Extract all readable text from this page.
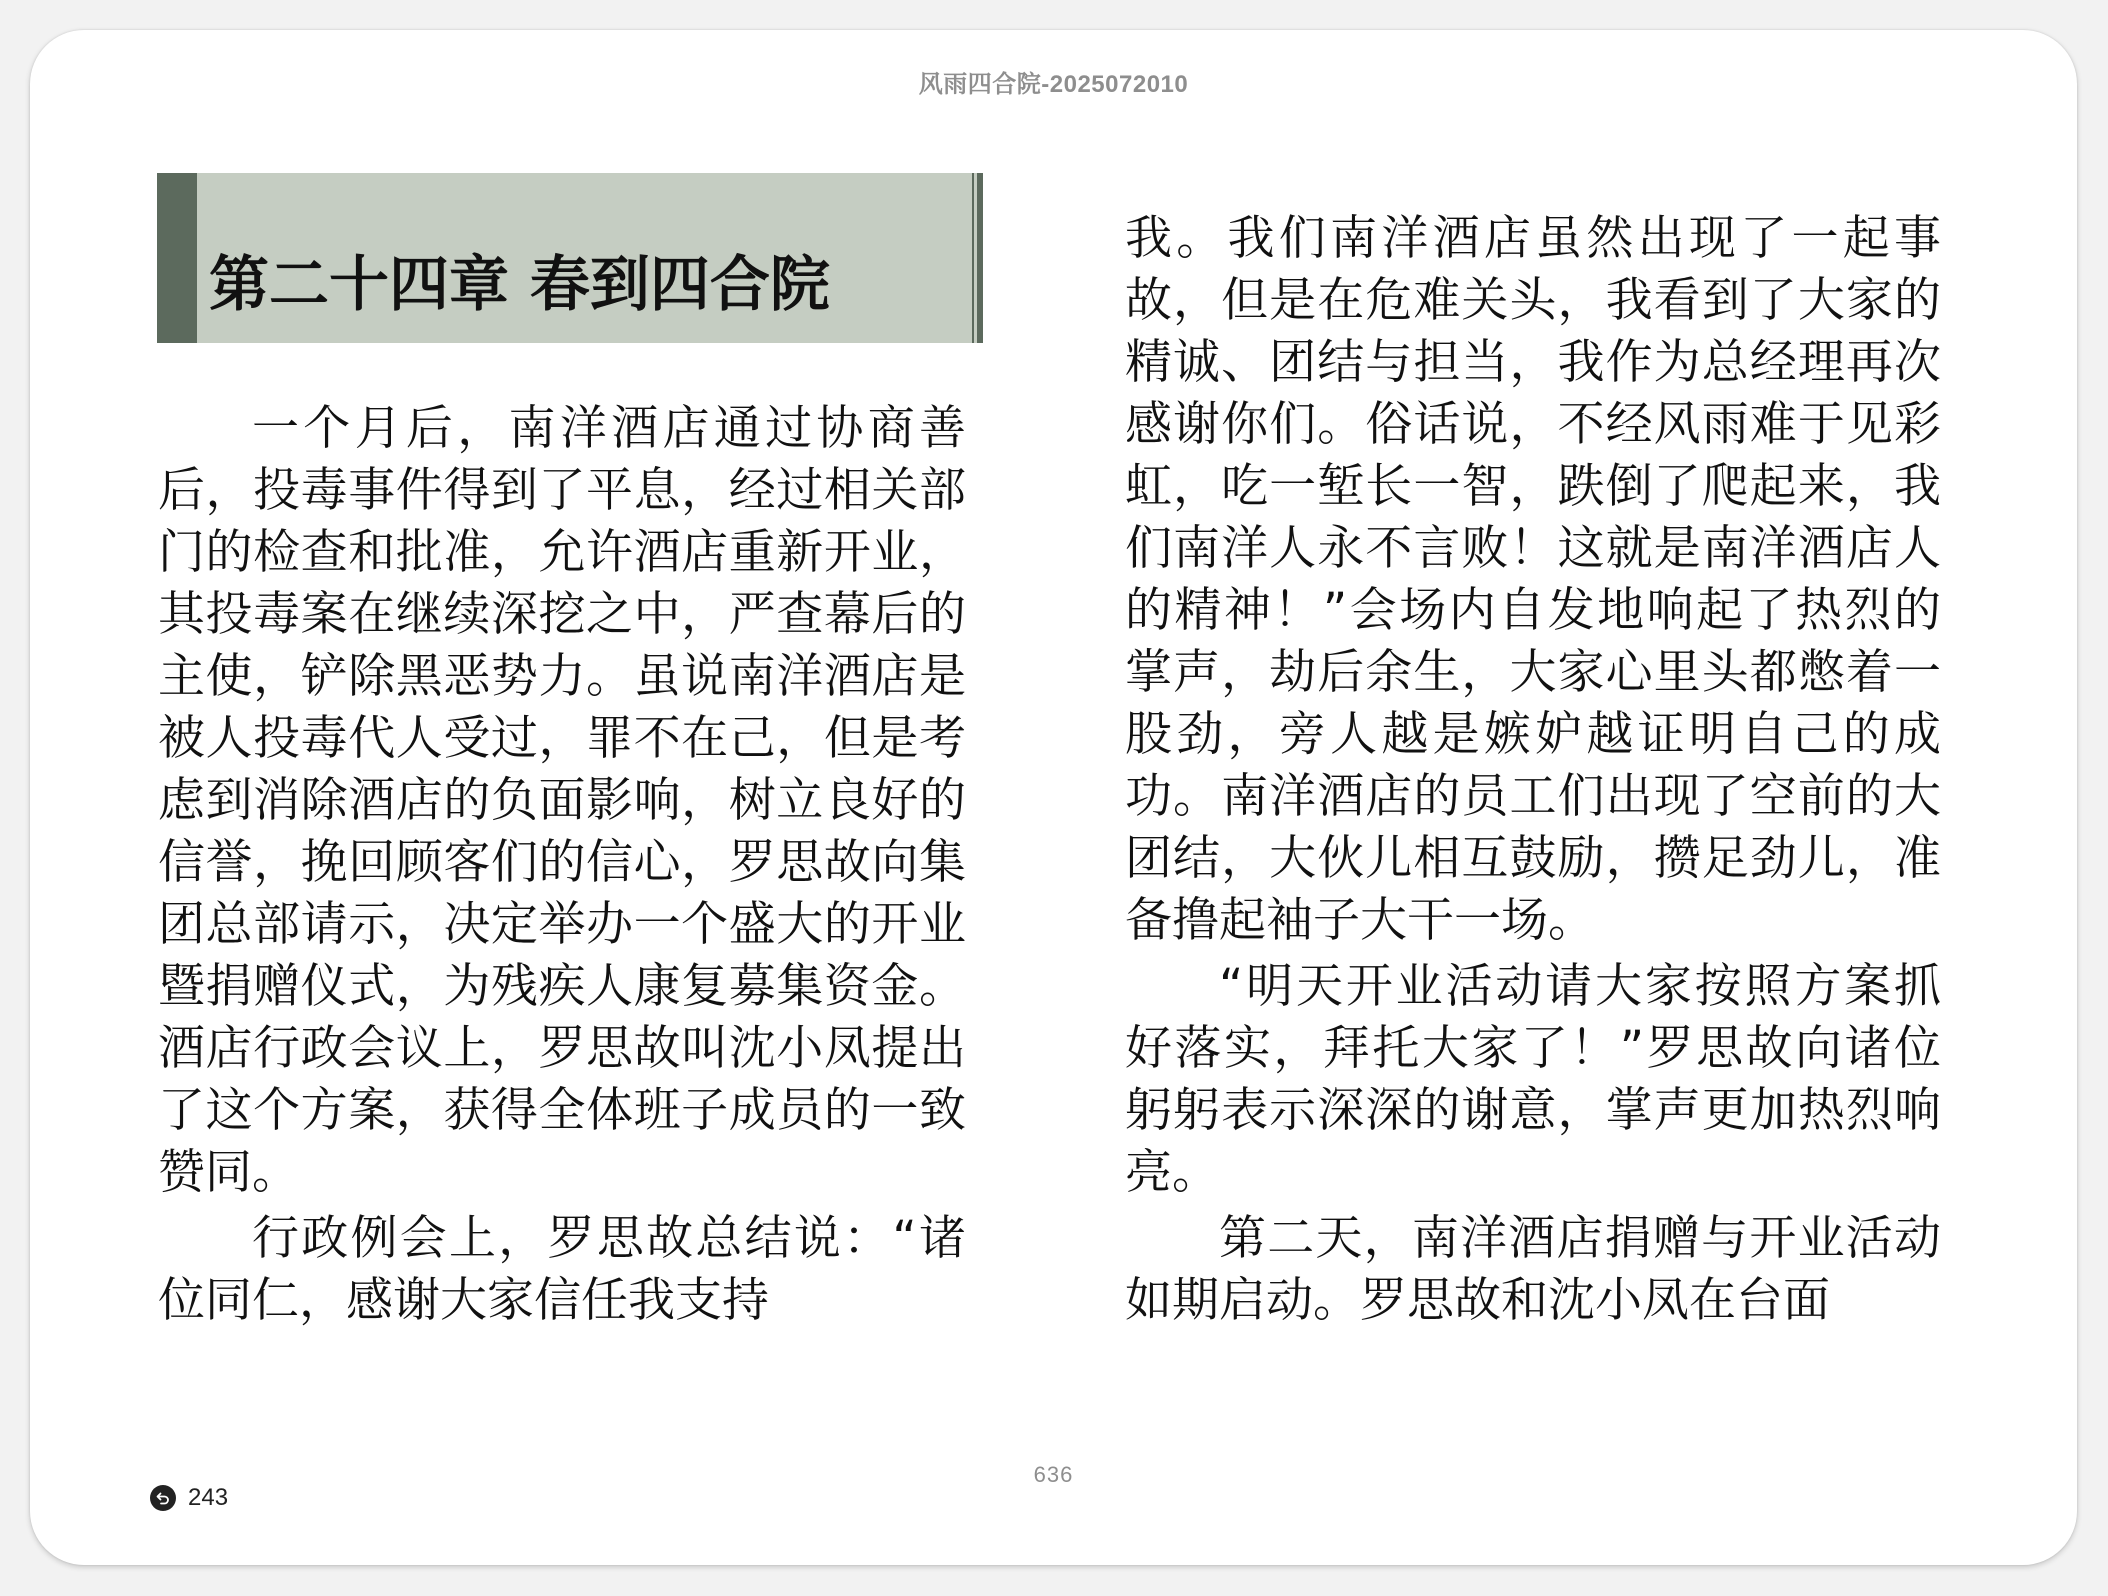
风雨四合院-2025072010
第二十四章 春到四合院

一个月后，南洋酒店通过协商善后，投毒事件得到了平息，经过相关部门的检查和批准，允许酒店重新开业，其投毒案在继续深挖之中，严查幕后的主使，铲除黑恶势力。虽说南洋酒店是被人投毒代人受过，罪不在己，但是考虑到消除酒店的负面影响，树立良好的信誉，挽回顾客们的信心，罗思故向集团总部请示，决定举办一个盛大的开业暨捐赠仪式，为残疾人康复募集资金。酒店行政会议上，罗思故叫沈小凤提出了这个方案，获得全体班子成员的一致赞同。

行政例会上，罗思故总结说：“诸位同仁，感谢大家信任我支持

我。我们南洋酒店虽然出现了一起事故，但是在危难关头，我看到了大家的精诚、团结与担当，我作为总经理再次感谢你们。俗话说，不经风雨难于见彩虹，吃一堑长一智，跌倒了爬起来，我们南洋人永不言败！这就是南洋酒店人的精神！”会场内自发地响起了热烈的掌声，劫后余生，大家心里头都憋着一股劲，旁人越是嫉妒越证明自己的成功。南洋酒店的员工们出现了空前的大团结，大伙儿相互鼓励，攒足劲儿，准备撸起袖子大干一场。

“明天开业活动请大家按照方案抓好落实，拜托大家了！”罗思故向诸位躬躬表示深深的谢意，掌声更加热烈响亮。

第二天，南洋酒店捐赠与开业活动如期启动。罗思故和沈小凤在台面

243
636
